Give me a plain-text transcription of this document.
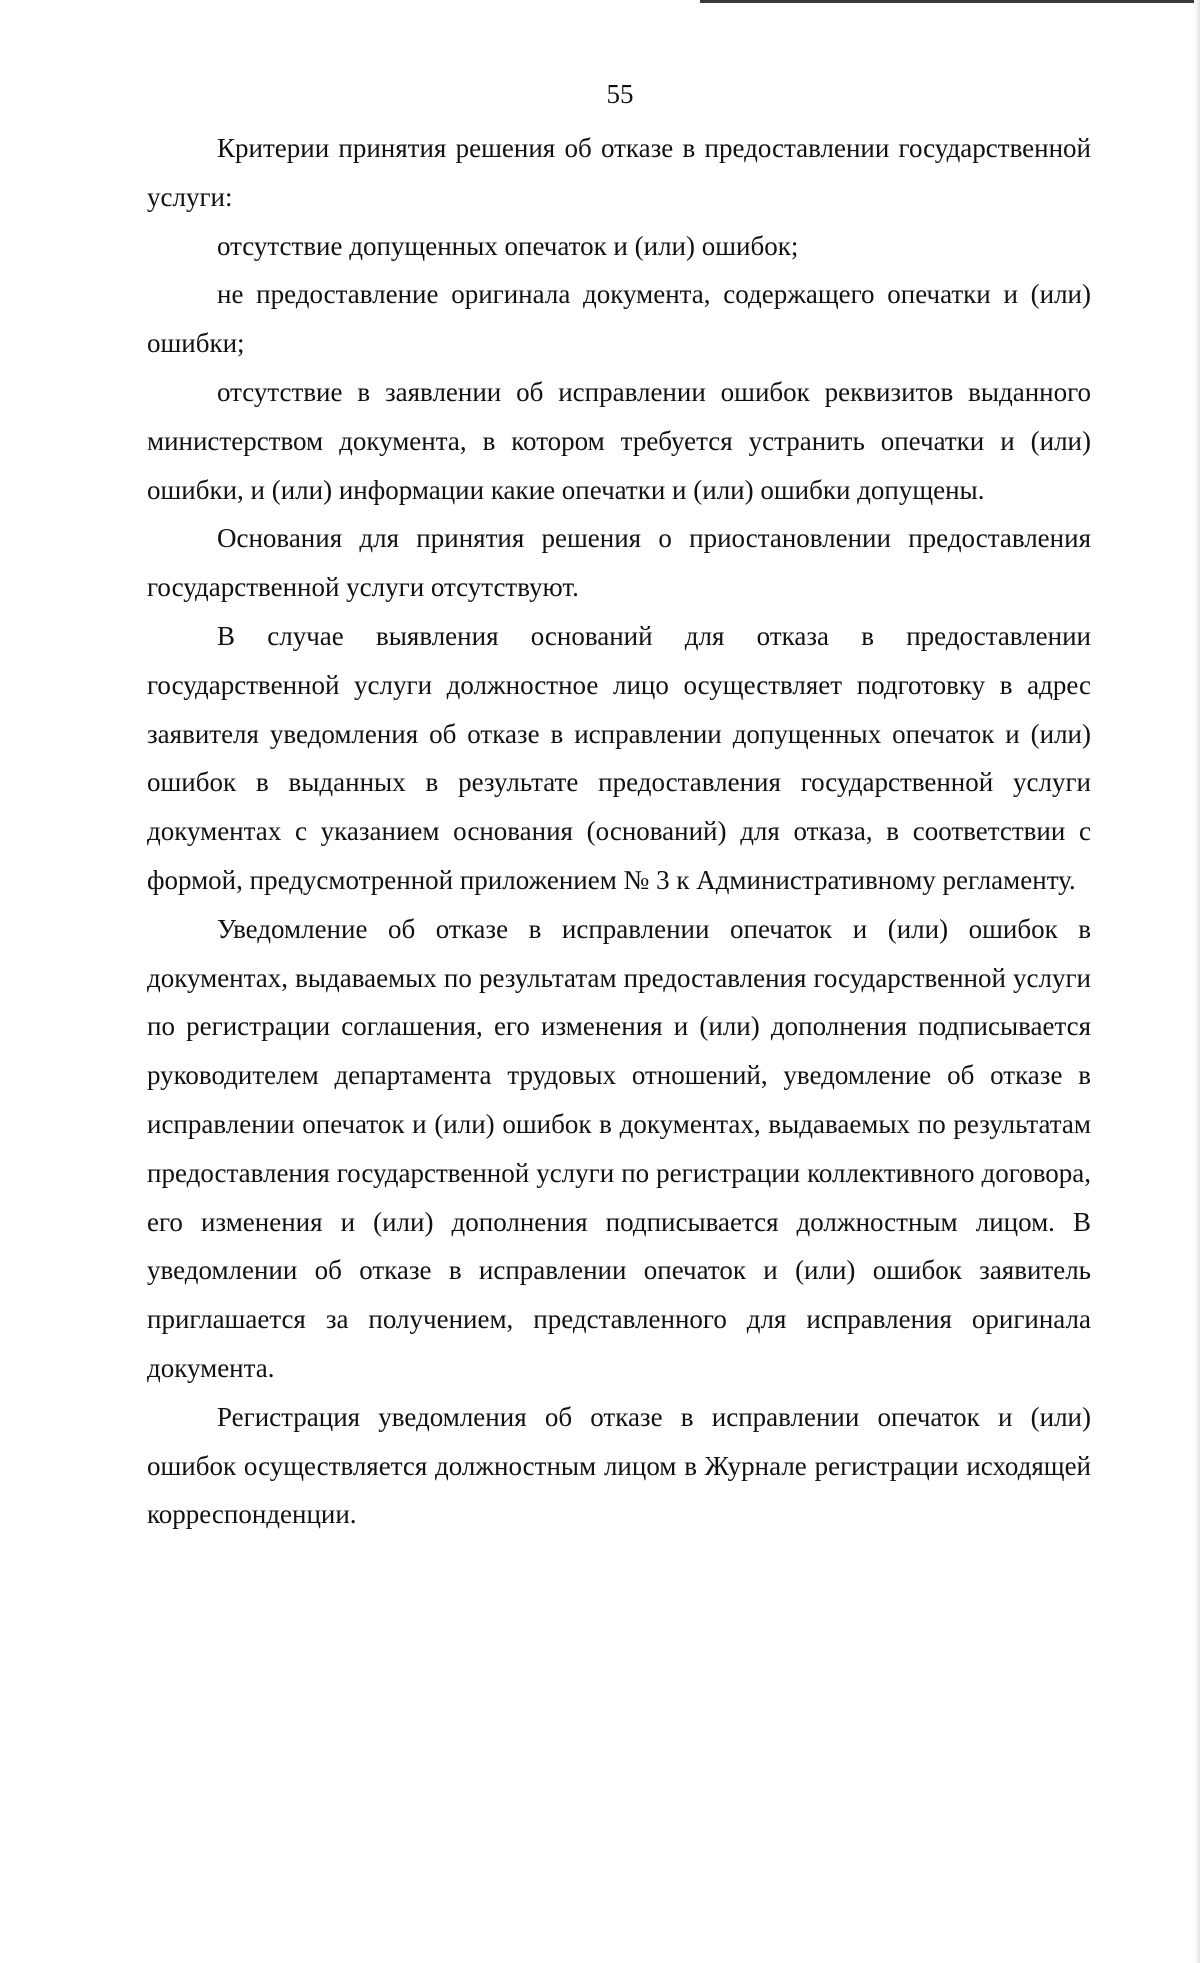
55

Критерии принятия решения об отказе в предоставлении государственной услуги:

отсутствие допущенных опечаток и (или) ошибок;

не предоставление оригинала документа, содержащего опечатки и (или) ошибки;

отсутствие в заявлении об исправлении ошибок реквизитов выданного министерством документа, в котором требуется устранить опечатки и (или) ошибки, и (или) информации какие опечатки и (или) ошибки допущены.

Основания для принятия решения о приостановлении предоставления государственной услуги отсутствуют.

В случае выявления оснований для отказа в предоставлении государственной услуги должностное лицо осуществляет подготовку в адрес заявителя уведомления об отказе в исправлении допущенных опечаток и (или) ошибок в выданных в результате предоставления государственной услуги документах с указанием основания (оснований) для отказа, в соответствии с формой, предусмотренной приложением № 3 к Административному регламенту.

Уведомление об отказе в исправлении опечаток и (или) ошибок в документах, выдаваемых по результатам предоставления государственной услуги по регистрации соглашения, его изменения и (или) дополнения подписывается руководителем департамента трудовых отношений, уведомление об отказе в исправлении опечаток и (или) ошибок в документах, выдаваемых по результатам предоставления государственной услуги по регистрации коллективного договора, его изменения и (или) дополнения подписывается должностным лицом. В уведомлении об отказе в исправлении опечаток и (или) ошибок заявитель приглашается за получением, представленного для исправления оригинала документа.

Регистрация уведомления об отказе в исправлении опечаток и (или) ошибок осуществляется должностным лицом в Журнале регистрации исходящей корреспонденции.
